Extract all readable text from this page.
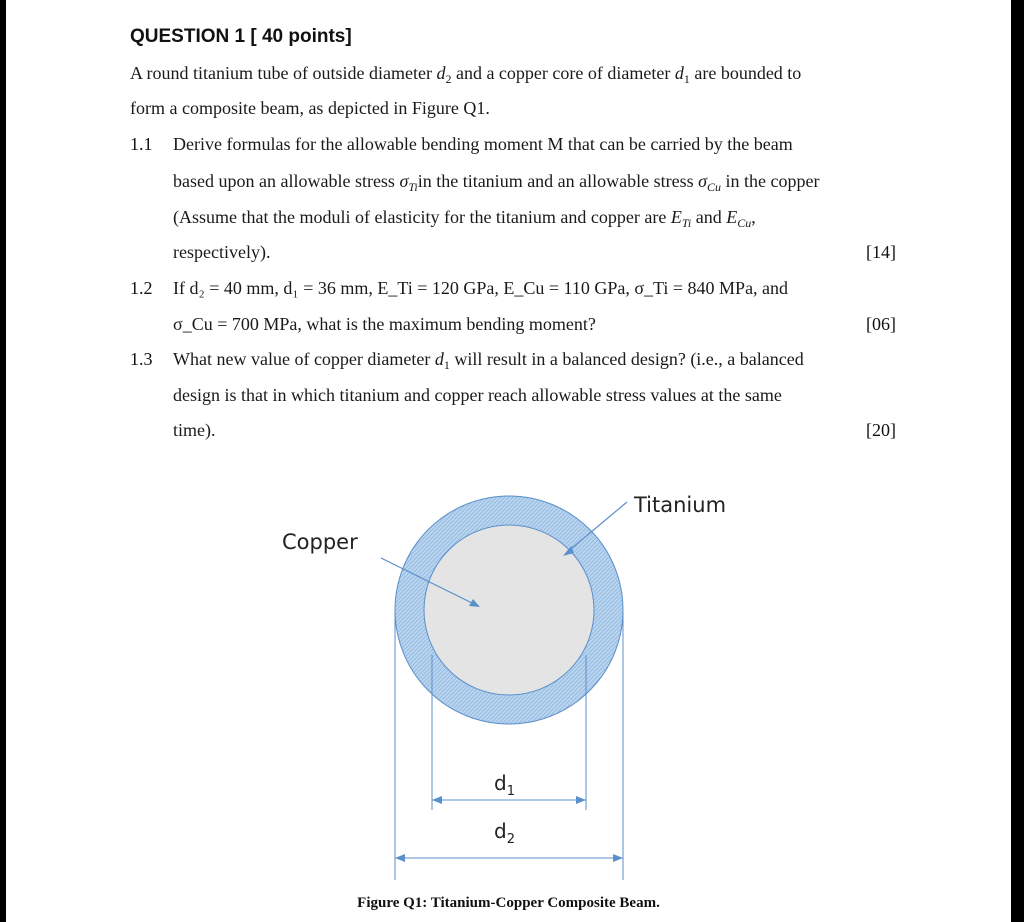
QUESTION 1 [ 40 points]
A round titanium tube of outside diameter $d_2$ and a copper core of diameter $d_1$ are bounded to
form a composite beam, as depicted in Figure Q1.
1.1 Derive formulas for the allowable bending moment M that can be carried by the beam
based upon an allowable stress $\sigma_{Ti}in$ the titanium and an allowable stress $\sigma_{Cu}$ in the copper
(Assume that the moduli of elasticity for the titanium and copper are $E_{Ti}$ and $E_{Cu}$,
respectively).	[14]
1.2 If d₂ = 40 mm, d₁ = 36 mm, E_Ti = 120 GPa, E_Cu = 110 GPa, σ_Ti = 840 MPa, and
σ_Cu = 700 MPa, what is the maximum bending moment?	[06]
1.3 What new value of copper diameter $d_1$ will result in a balanced design? (i.e., a balanced
design is that in which titanium and copper reach allowable stress values at the same
time).	[20]
Titanium
Copper
$d_1$
$d_2$
Figure Q1: Titanium-Copper Composite Beam.
